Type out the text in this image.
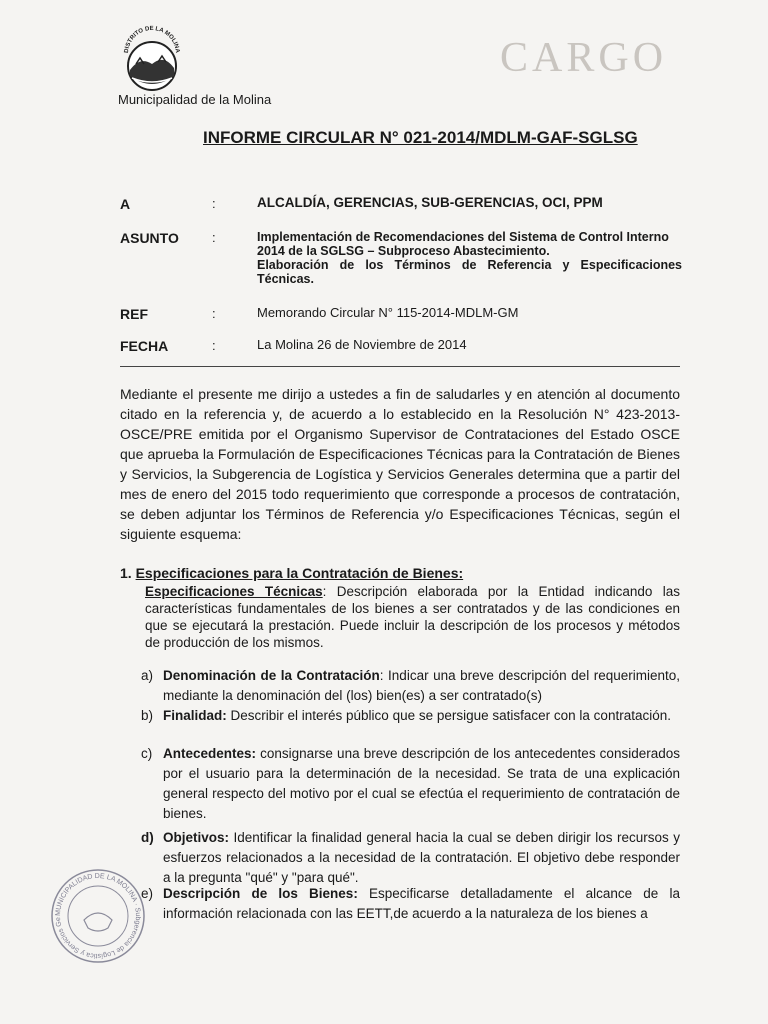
DISTRITO DE LA MOLINA
Municipalidad de la Molina
CARGO
INFORME CIRCULAR N° 021-2014/MDLM-GAF-SGLSG
A	:	ALCALDÍA, GERENCIAS, SUB-GERENCIAS, OCI, PPM
ASUNTO	:	Implementación de Recomendaciones del Sistema de Control Interno
2014 de la SGLSG – Subproceso Abastecimiento.
Elaboración de los Términos de Referencia y Especificaciones
Técnicas.
REF	:	Memorando Circular N° 115-2014-MDLM-GM
FECHA	:	La Molina 26 de Noviembre de 2014
Mediante el presente me dirijo a ustedes a fin de saludarles y en atención al documento citado en la referencia y, de acuerdo a lo establecido en la Resolución N° 423-2013-OSCE/PRE emitida por el Organismo Supervisor de Contrataciones del Estado OSCE que aprueba la Formulación de Especificaciones Técnicas para la Contratación de Bienes y Servicios, la Subgerencia de Logística y Servicios Generales determina que a partir del mes de enero del 2015 todo requerimiento que corresponde a procesos de contratación, se deben adjuntar los Términos de Referencia y/o Especificaciones Técnicas, según el siguiente esquema:
1. Especificaciones para la Contratación de Bienes:
Especificaciones Técnicas: Descripción elaborada por la Entidad indicando las características fundamentales de los bienes a ser contratados y de las condiciones en que se ejecutará la prestación. Puede incluir la descripción de los procesos y métodos de producción de los mismos.
a) Denominación de la Contratación: Indicar una breve descripción del requerimiento, mediante la denominación del (los) bien(es) a ser contratado(s)
b) Finalidad: Describir el interés público que se persigue satisfacer con la contratación.
c) Antecedentes: consignarse una breve descripción de los antecedentes considerados por el usuario para la determinación de la necesidad. Se trata de una explicación general respecto del motivo por el cual se efectúa el requerimiento de contratación de bienes.
d) Objetivos: Identificar la finalidad general hacia la cual se deben dirigir los recursos y esfuerzos relacionados a la necesidad de la contratación. El objetivo debe responder a la pregunta "qué" y "para qué".
e) Descripción de los Bienes: Especificarse detalladamente el alcance de la información relacionada con las EETT,de acuerdo a la naturaleza de los bienes a
MUNICIPALIDAD DE LA MOLINA · Subgerencia de Logística y Servicios Ge
